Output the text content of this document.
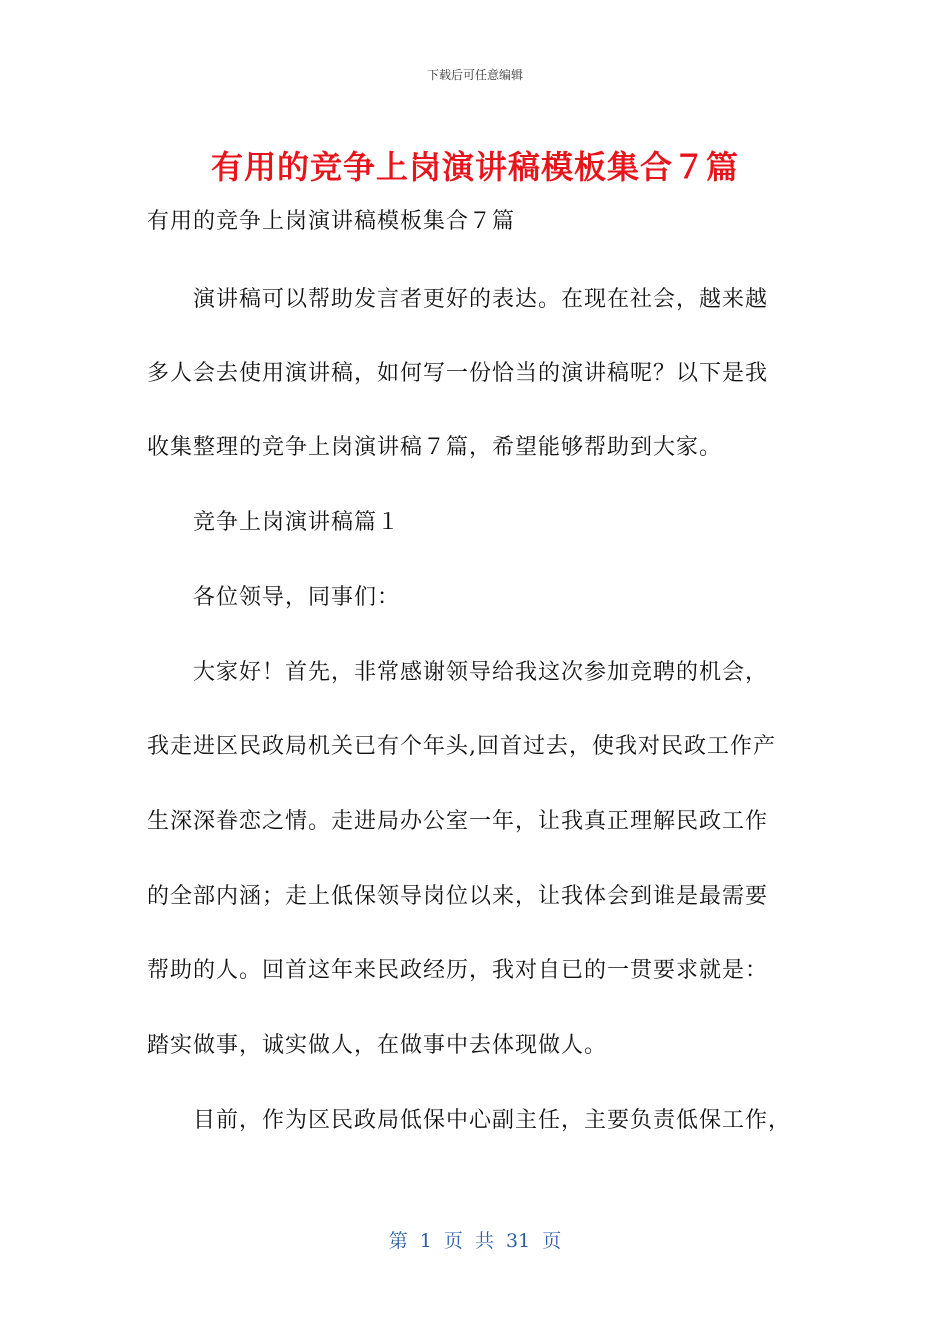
下载后可任意编辑
有用的竞争上岗演讲稿模板集合７篇
有用的竞争上岗演讲稿模板集合７篇
演讲稿可以帮助发言者更好的表达。在现在社会，越来越
多人会去使用演讲稿，如何写一份恰当的演讲稿呢？以下是我
收集整理的竞争上岗演讲稿７篇，希望能够帮助到大家。
竞争上岗演讲稿篇１
各位领导，同事们：
大家好！首先，非常感谢领导给我这次参加竞聘的机会，
我走进区民政局机关已有个年头,回首过去，使我对民政工作产
生深深眷恋之情。走进局办公室一年，让我真正理解民政工作
的全部内涵；走上低保领导岗位以来，让我体会到谁是最需要
帮助的人。回首这年来民政经历，我对自已的一贯要求就是：
踏实做事，诚实做人，在做事中去体现做人。
目前，作为区民政局低保中心副主任，主要负责低保工作，
第 1 页 共 31 页
